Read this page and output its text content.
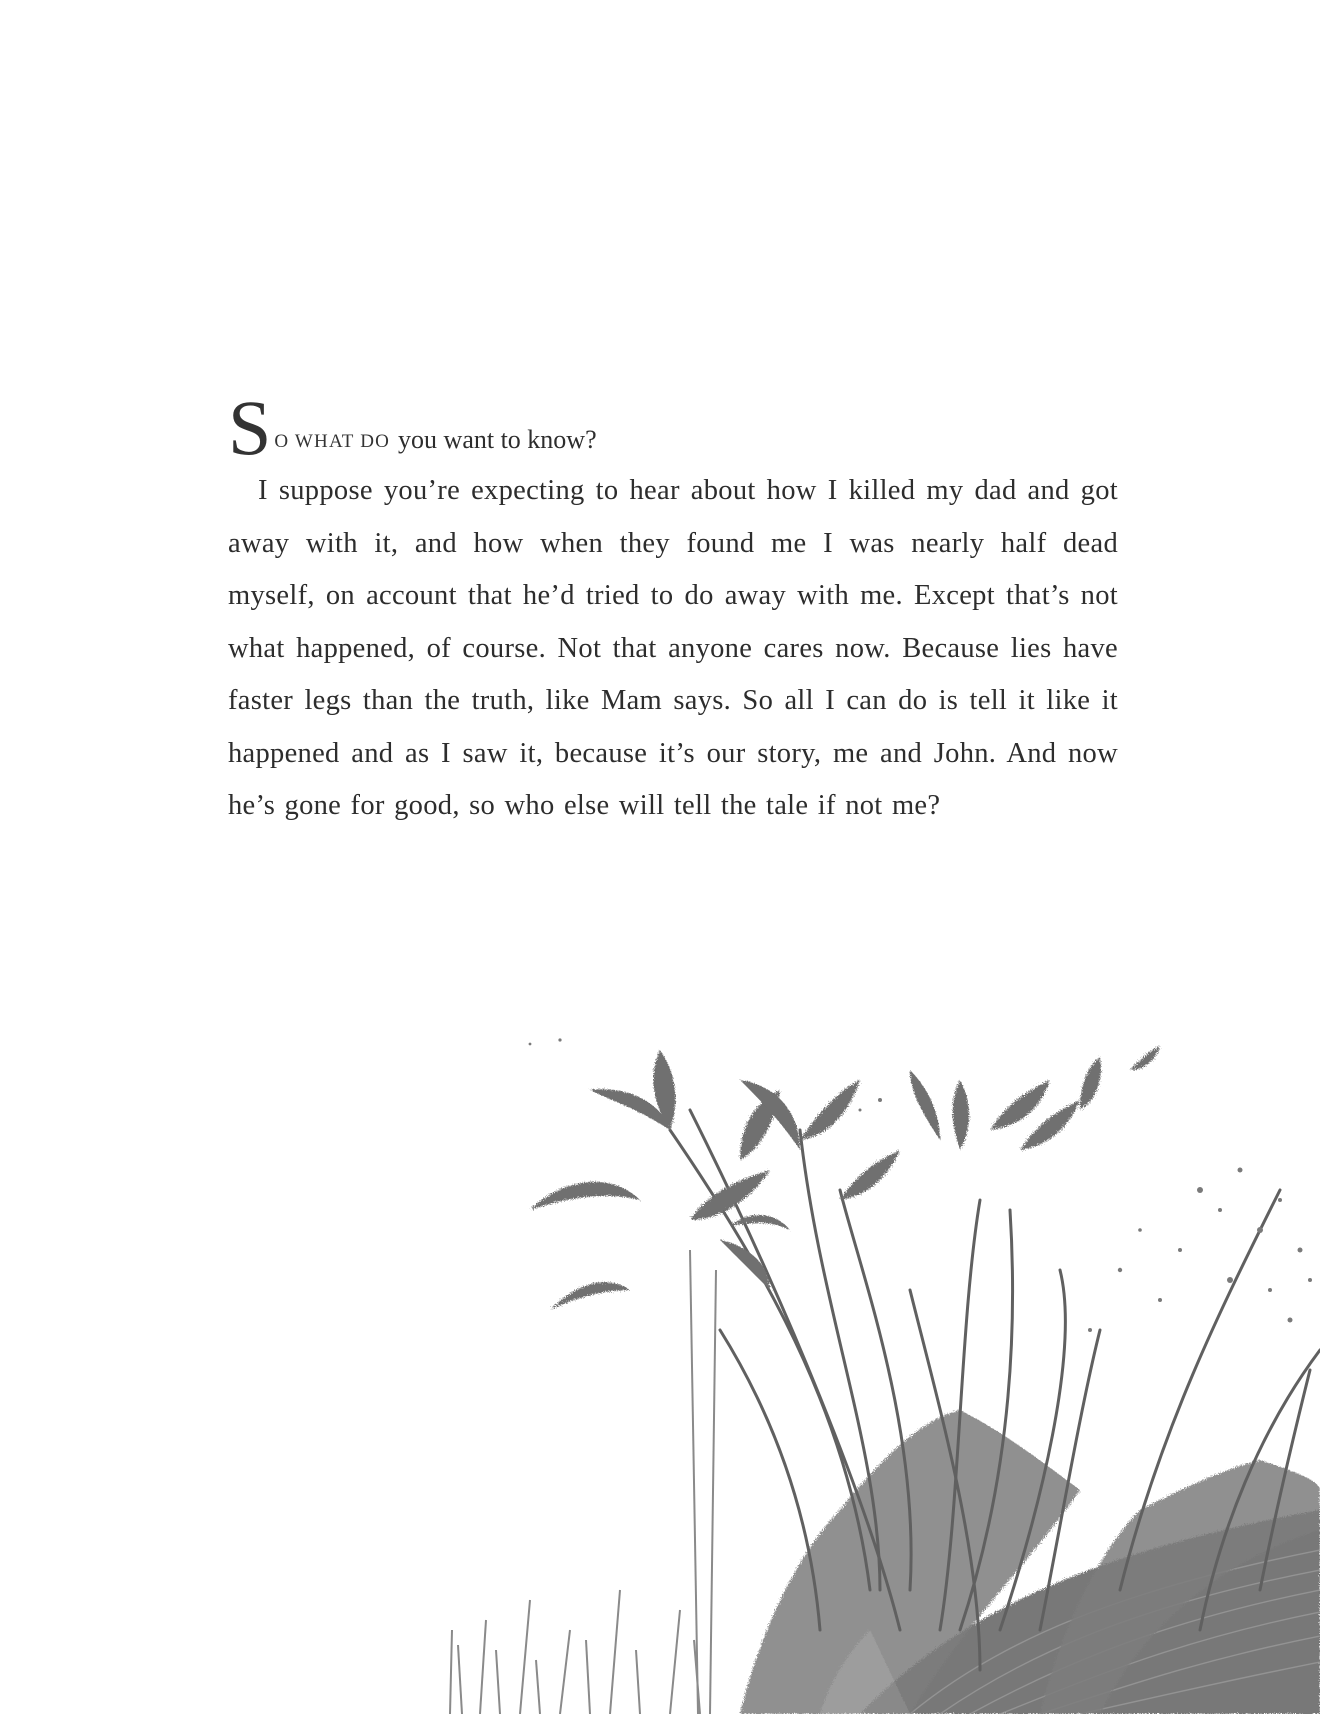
S O WHAT DO you want to know?

I suppose you’re expecting to hear about how I killed my dad and got away with it, and how when they found me I was nearly half dead myself, on account that he’d tried to do away with me. Except that’s not what happened, of course. Not that anyone cares now. Because lies have faster legs than the truth, like Mam says. So all I can do is tell it like it happened and as I saw it, because it’s our story, me and John. And now he’s gone for good, so who else will tell the tale if not me?
